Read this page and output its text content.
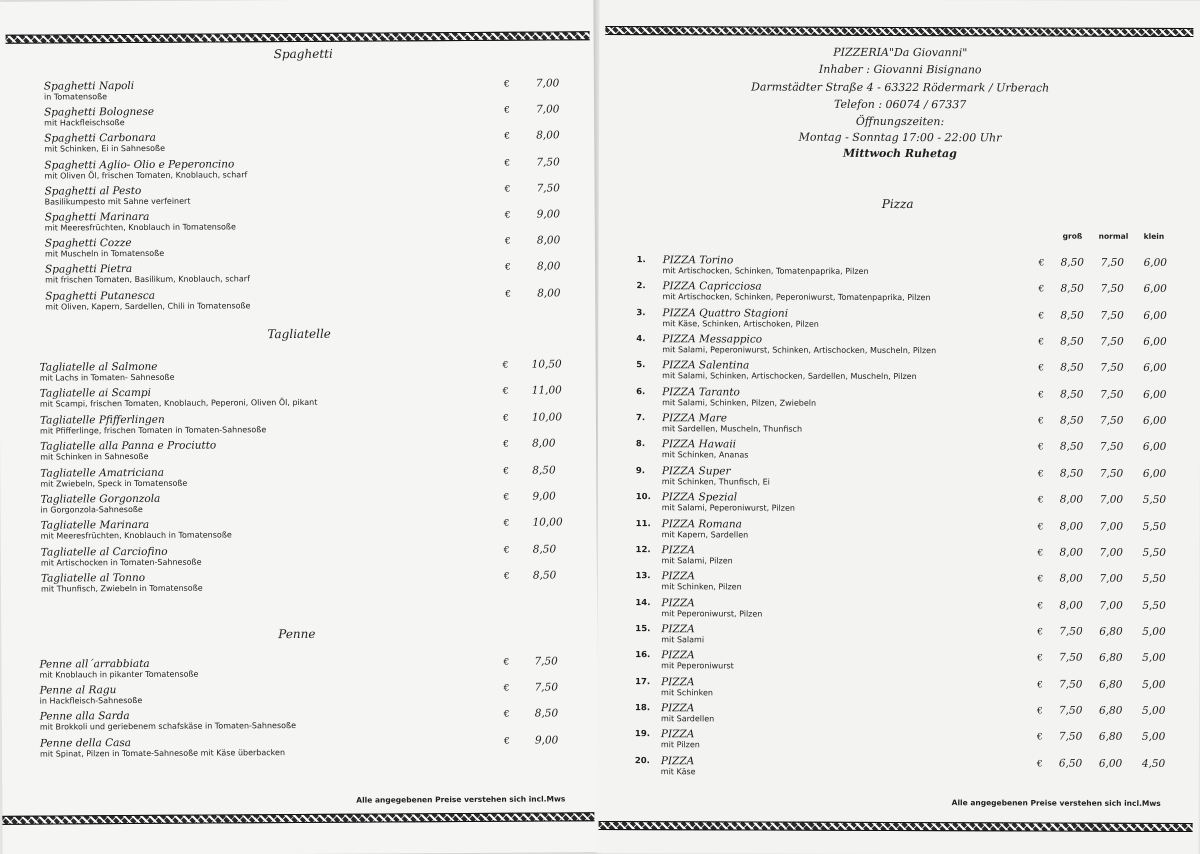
Spaghetti
Spaghetti Napoli
in Tomatensoße
€ 7,00
Spaghetti Bolognese
mit Hackfleischsoße
€ 7,00
Spaghetti Carbonara
mit Schinken, Ei in Sahnesoße
€ 8,00
Spaghetti Aglio- Olio e Peperoncino
mit Oliven Öl, frischen Tomaten, Knoblauch, scharf
€ 7,50
Spaghetti al Pesto
Basilikumpesto mit Sahne verfeinert
€ 7,50
Spaghetti Marinara
mit Meeresfrüchten, Knoblauch in Tomatensoße
€ 9,00
Spaghetti Cozze
mit Muscheln in Tomatensoße
€ 8,00
Spaghetti Pietra
mit frischen Tomaten, Basilikum, Knoblauch, scharf
€ 8,00
Spaghetti Putanesca
mit Oliven, Kapern, Sardellen, Chili in Tomatensoße
€ 8,00
Tagliatelle
Tagliatelle al Salmone
mit Lachs in Tomaten- Sahnesoße
€ 10,50
Tagliatelle ai Scampi
mit Scampi, frischen Tomaten, Knoblauch, Peperoni, Oliven Öl, pikant
€ 11,00
Tagliatelle Pfifferlingen
mit Pfifferlinge, frischen Tomaten in Tomaten-Sahnesoße
€ 10,00
Tagliatelle alla Panna e Prociutto
mit Schinken in Sahnesoße
€ 8,00
Tagliatelle Amatriciana
mit Zwiebeln, Speck in Tomatensoße
€ 8,50
Tagliatelle Gorgonzola
in Gorgonzola-Sahnesoße
€ 9,00
Tagliatelle Marinara
mit Meeresfrüchten, Knoblauch in Tomatensoße
€ 10,00
Tagliatelle al Carciofino
mit Artischocken in Tomaten-Sahnesoße
€ 8,50
Tagliatelle al Tonno
mit Thunfisch, Zwiebeln in Tomatensoße
€ 8,50
Penne
Penne all´arrabbiata
mit Knoblauch in pikanter Tomatensoße
€ 7,50
Penne al Ragu
in Hackfleisch-Sahnesoße
€ 7,50
Penne alla Sarda
mit Brokkoli und geriebenem schafskäse in Tomaten-Sahnesoße
€ 8,50
Penne della Casa
mit Spinat, Pilzen in Tomate-Sahnesoße mit Käse überbacken
€ 9,00
Alle angegebenen Preise verstehen sich incl.Mws
PIZZERIA"Da Giovanni"
Inhaber : Giovanni Bisignano
Darmstädter Straße 4 - 63322 Rödermark / Urberach
Telefon : 06074 / 67337
Öffnungszeiten:
Montag - Sonntag 17:00 - 22:00 Uhr
Mittwoch Ruhetag
Pizza
groß normal klein
1. PIZZA Torino
mit Artischocken, Schinken, Tomatenpaprika, Pilzen
€ 8,50 7,50 6,00
2. PIZZA Capricciosa
mit Artischocken, Schinken, Peperoniwurst, Tomatenpaprika, Pilzen
€ 8,50 7,50 6,00
3. PIZZA Quattro Stagioni
mit Käse, Schinken, Artischoken, Pilzen
€ 8,50 7,50 6,00
4. PIZZA Messappico
mit Salami, Peperoniwurst, Schinken, Artischocken, Muscheln, Pilzen
€ 8,50 7,50 6,00
5. PIZZA Salentina
mit Salami, Schinken, Artischocken, Sardellen, Muscheln, Pilzen
€ 8,50 7,50 6,00
6. PIZZA Taranto
mit Salami, Schinken, Pilzen, Zwiebeln
€ 8,50 7,50 6,00
7. PIZZA Mare
mit Sardellen, Muscheln, Thunfisch
€ 8,50 7,50 6,00
8. PIZZA Hawaii
mit Schinken, Ananas
€ 8,50 7,50 6,00
9. PIZZA Super
mit Schinken, Thunfisch, Ei
€ 8,50 7,50 6,00
10. PIZZA Spezial
mit Salami, Peperoniwurst, Pilzen
€ 8,00 7,00 5,50
11. PIZZA Romana
mit Kapern, Sardellen
€ 8,00 7,00 5,50
12. PIZZA
mit Salami, Pilzen
€ 8,00 7,00 5,50
13. PIZZA
mit Schinken, Pilzen
€ 8,00 7,00 5,50
14. PIZZA
mit Peperoniwurst, Pilzen
€ 8,00 7,00 5,50
15. PIZZA
mit Salami
€ 7,50 6,80 5,00
16. PIZZA
mit Peperoniwurst
€ 7,50 6,80 5,00
17. PIZZA
mit Schinken
€ 7,50 6,80 5,00
18. PIZZA
mit Sardellen
€ 7,50 6,80 5,00
19. PIZZA
mit Pilzen
€ 7,50 6,80 5,00
20. PIZZA
mit Käse
€ 6,50 6,00 4,50
Alle angegebenen Preise verstehen sich incl.Mws
